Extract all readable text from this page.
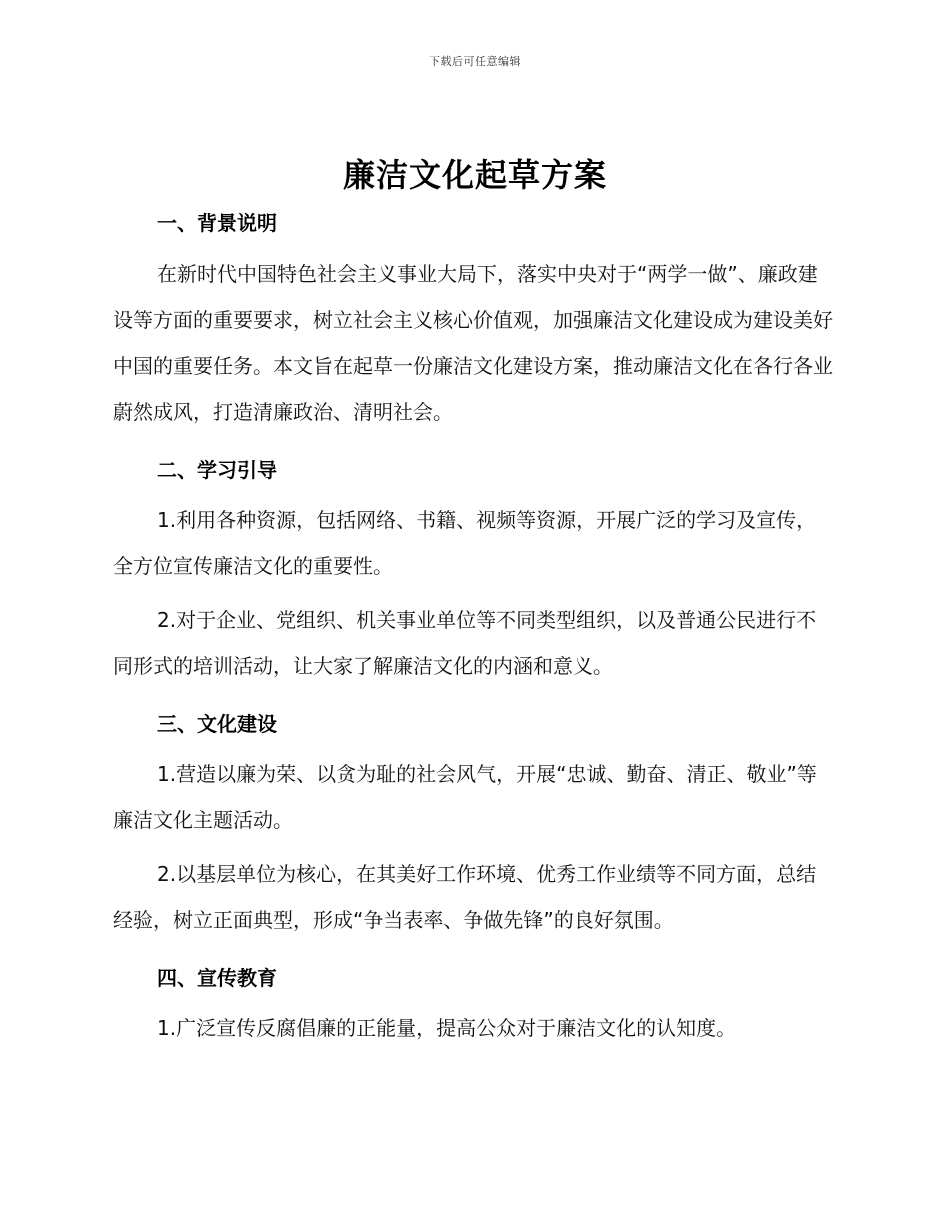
下载后可任意编辑
廉洁文化起草方案
一、背景说明

在新时代中国特色社会主义事业大局下，落实中央对于“两学一做”、廉政建设等方面的重要要求，树立社会主义核心价值观，加强廉洁文化建设成为建设美好中国的重要任务。本文旨在起草一份廉洁文化建设方案，推动廉洁文化在各行各业蔚然成风，打造清廉政治、清明社会。

二、学习引导

1.利用各种资源，包括网络、书籍、视频等资源，开展广泛的学习及宣传，全方位宣传廉洁文化的重要性。

2.对于企业、党组织、机关事业单位等不同类型组织，以及普通公民进行不同形式的培训活动，让大家了解廉洁文化的内涵和意义。

三、文化建设

1.营造以廉为荣、以贪为耻的社会风气，开展“忠诚、勤奋、清正、敬业”等廉洁文化主题活动。

2.以基层单位为核心，在其美好工作环境、优秀工作业绩等不同方面，总结经验，树立正面典型，形成“争当表率、争做先锋”的良好氛围。

四、宣传教育

1.广泛宣传反腐倡廉的正能量，提高公众对于廉洁文化的认知度。
